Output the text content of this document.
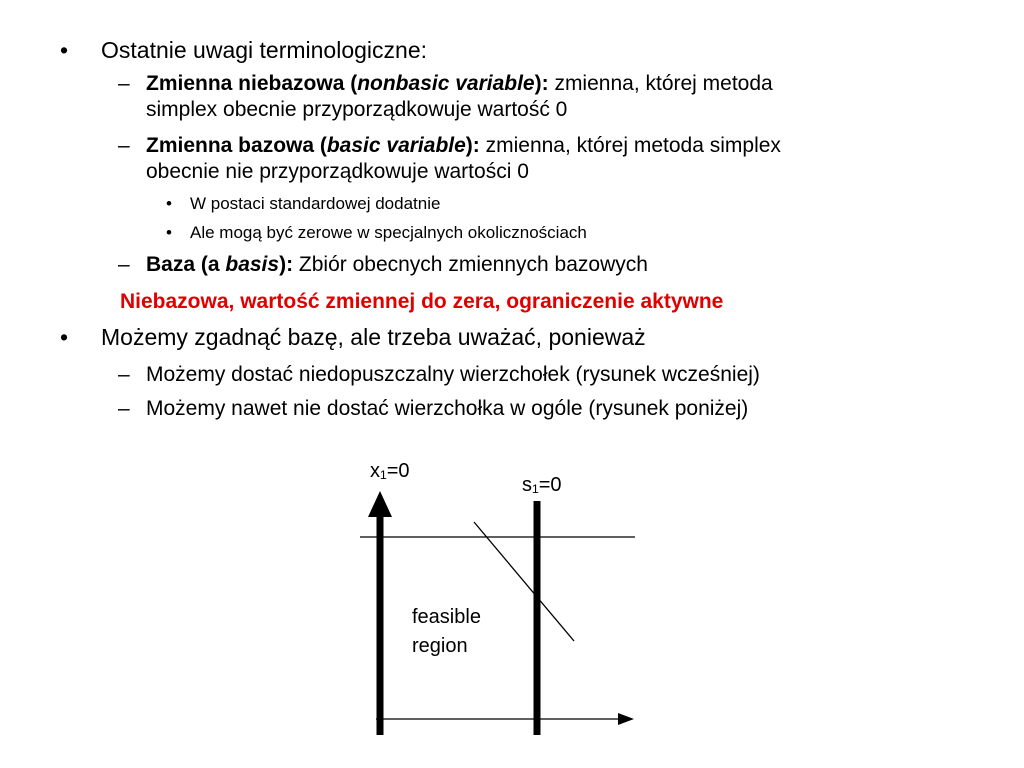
• Ostatnie uwagi terminologiczne:
– Zmienna niebazowa (nonbasic variable): zmienna, której metoda
simplex obecnie przyporządkowuje wartość 0
– Zmienna bazowa (basic variable): zmienna, której metoda simplex
obecnie nie przyporządkowuje wartości 0
• W postaci standardowej dodatnie
• Ale mogą być zerowe w specjalnych okolicznościach
– Baza (a basis): Zbiór obecnych zmiennych bazowych
Niebazowa, wartość zmiennej do zera, ograniczenie aktywne
• Możemy zgadnąć bazę, ale trzeba uważać, ponieważ
– Możemy dostać niedopuszczalny wierzchołek (rysunek wcześniej)
– Możemy nawet nie dostać wierzchołka w ogóle (rysunek poniżej)
x₁=0
s₁=0
feasible
region
